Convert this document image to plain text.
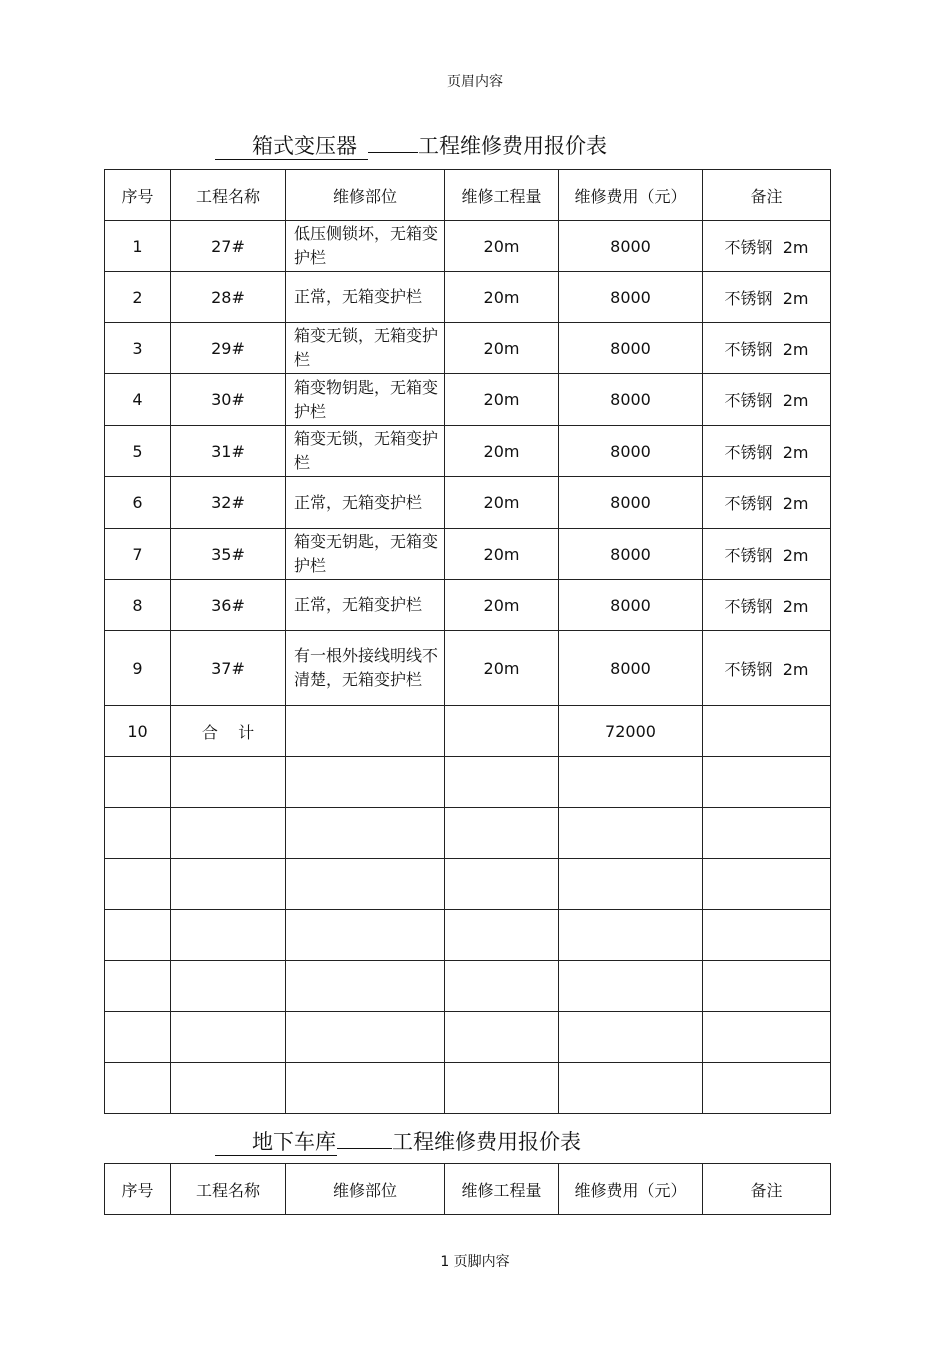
页眉内容
箱式变压器	工程维修费用报价表
序号	工程名称	维修部位	维修工程量	维修费用（元）	备注
1	27#	低压侧锁坏，无箱变护栏	20m	8000	不锈钢  2m
2	28#	正常，无箱变护栏	20m	8000	不锈钢  2m
3	29#	箱变无锁，无箱变护栏	20m	8000	不锈钢  2m
4	30#	箱变物钥匙，无箱变护栏	20m	8000	不锈钢  2m
5	31#	箱变无锁，无箱变护栏	20m	8000	不锈钢  2m
6	32#	正常，无箱变护栏	20m	8000	不锈钢  2m
7	35#	箱变无钥匙，无箱变护栏	20m	8000	不锈钢  2m
8	36#	正常，无箱变护栏	20m	8000	不锈钢  2m
9	37#	有一根外接线明线不清楚，无箱变护栏	20m	8000	不锈钢  2m
10	合    计			72000	

地下车库	工程维修费用报价表
序号	工程名称	维修部位	维修工程量	维修费用（元）	备注
1 页脚内容
